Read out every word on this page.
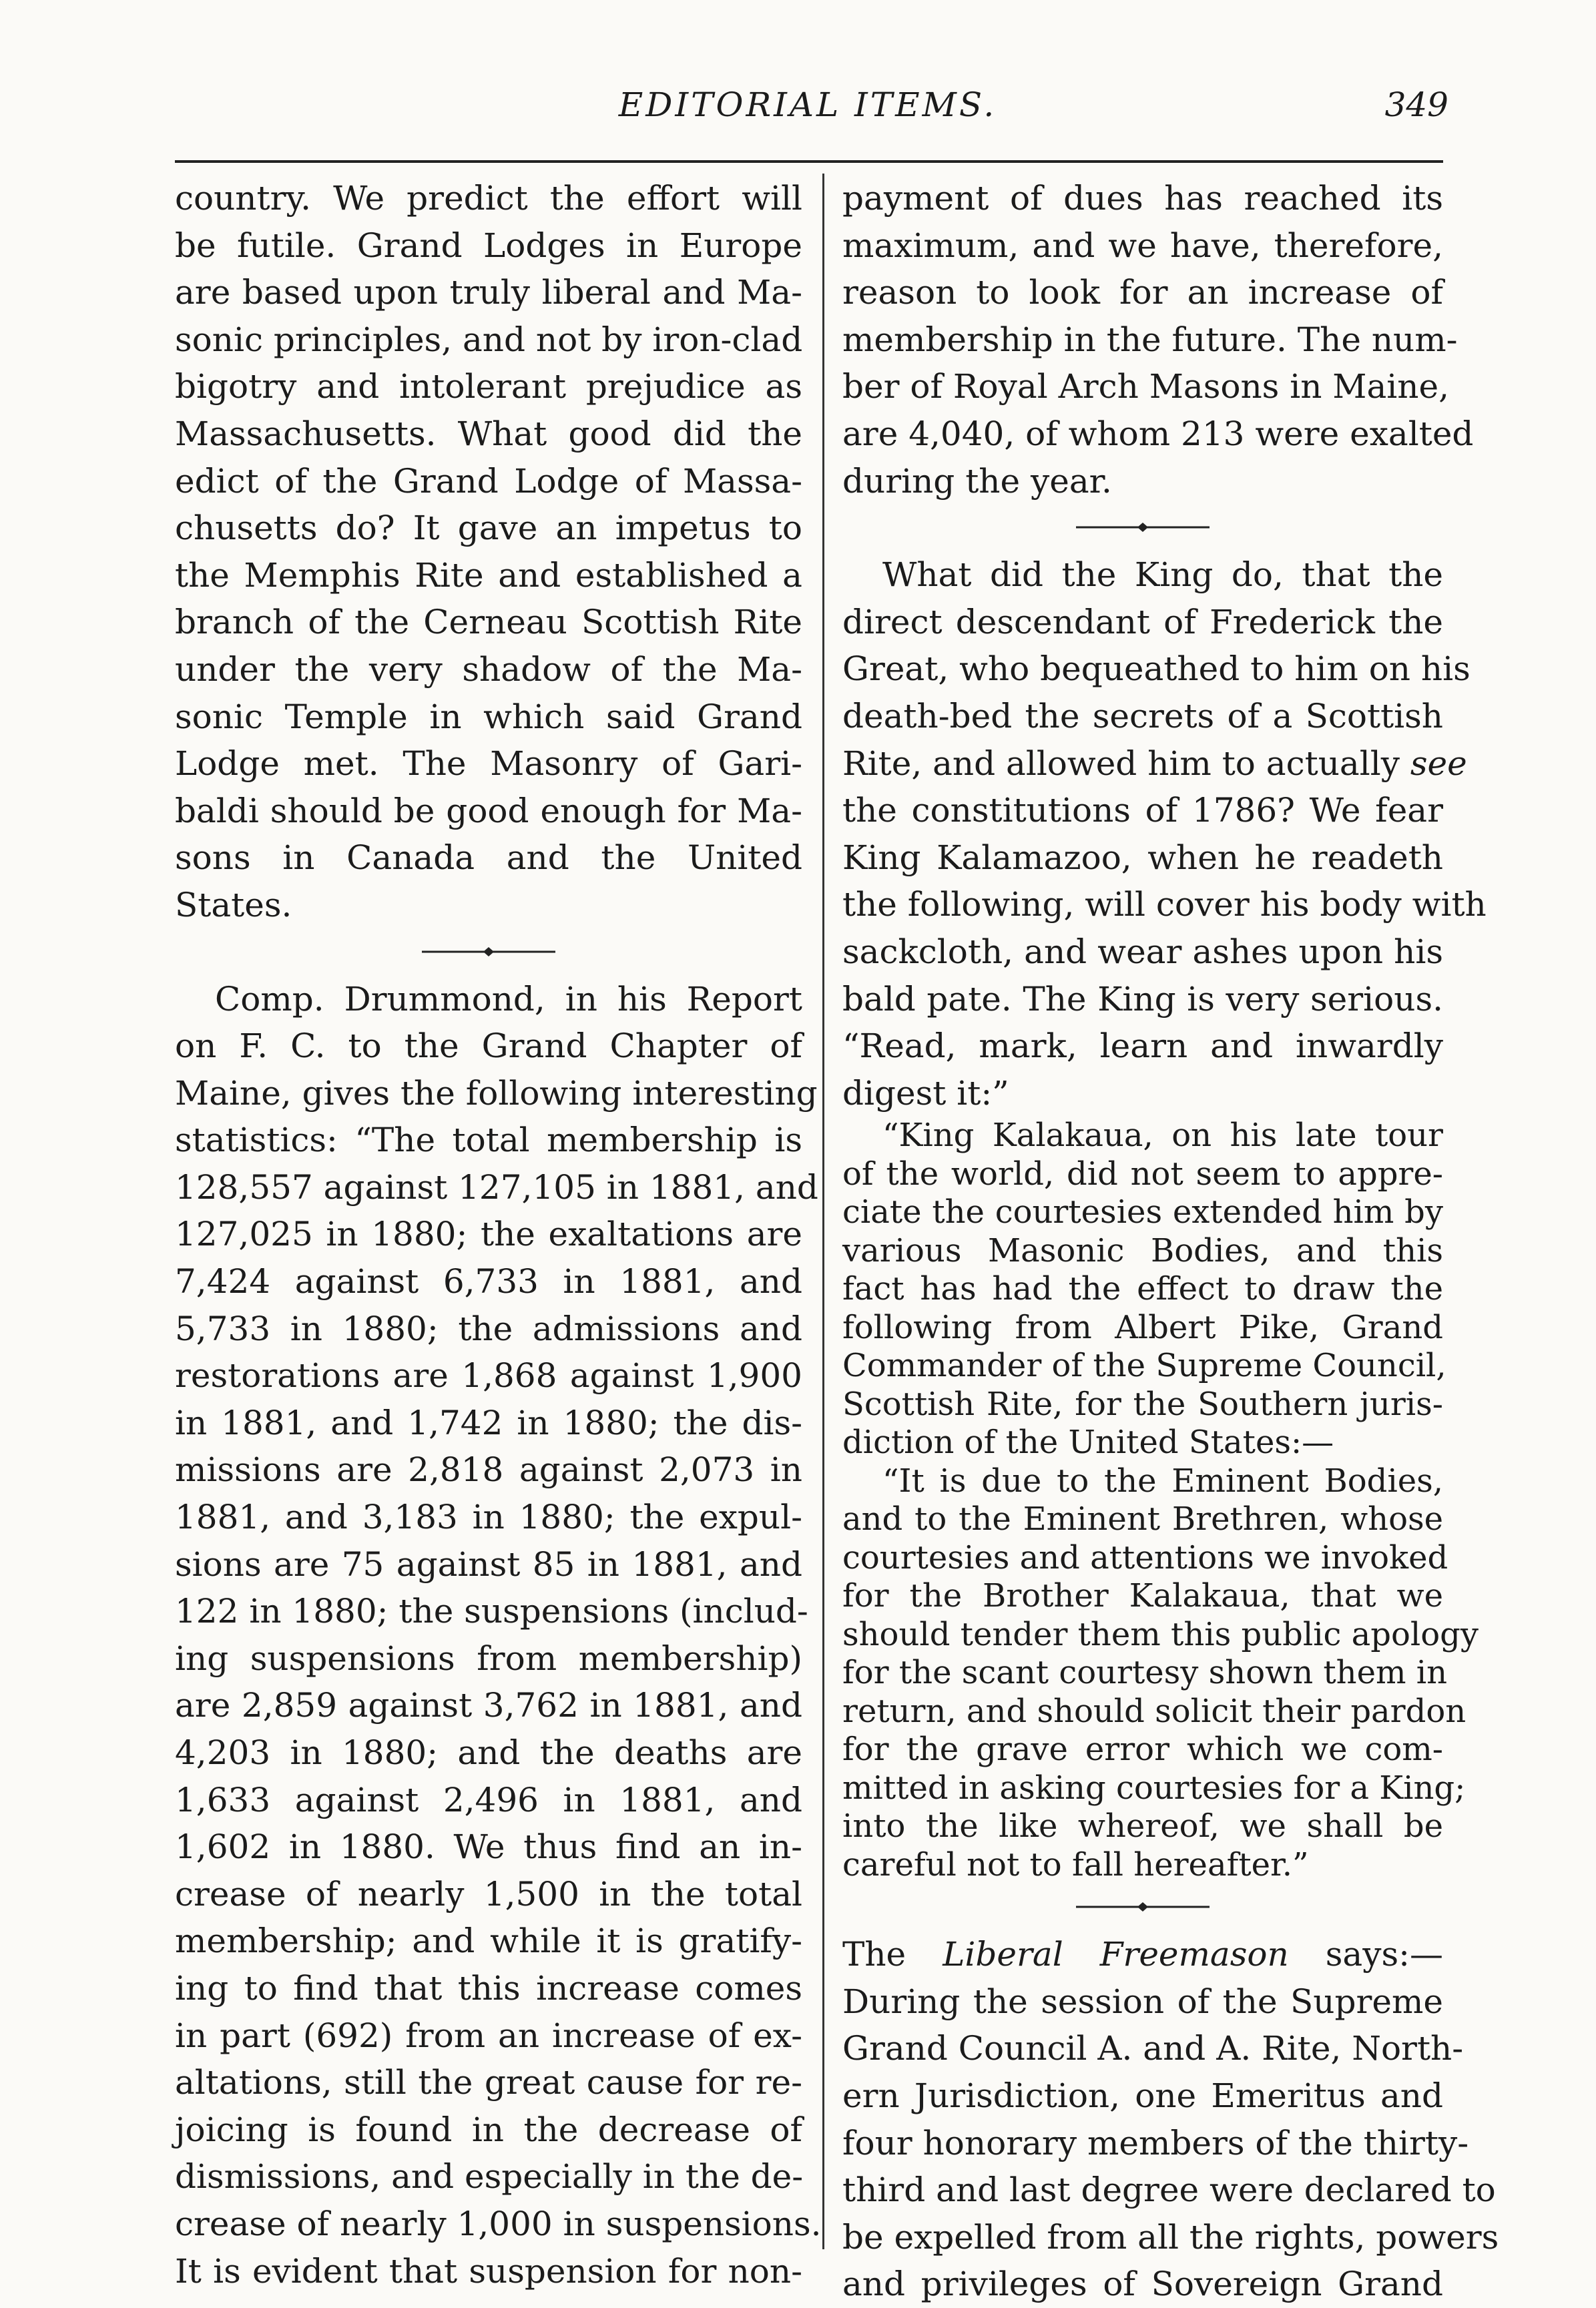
EDITORIAL ITEMS.	349
country. We predict the effort will
be futile. Grand Lodges in Europe
are based upon truly liberal and Ma-
sonic principles, and not by iron-clad
bigotry and intolerant prejudice as
Massachusetts. What good did the
edict of the Grand Lodge of Massa-
chusetts do? It gave an impetus to
the Memphis Rite and established a
branch of the Cerneau Scottish Rite
under the very shadow of the Ma-
sonic Temple in which said Grand
Lodge met. The Masonry of Gari-
baldi should be good enough for Ma-
sons in Canada and the United
States.
Comp. Drummond, in his Report
on F. C. to the Grand Chapter of
Maine, gives the following interesting
statistics: “The total membership is
128,557 against 127,105 in 1881, and
127,025 in 1880; the exaltations are
7,424 against 6,733 in 1881, and
5,733 in 1880; the admissions and
restorations are 1,868 against 1,900
in 1881, and 1,742 in 1880; the dis-
missions are 2,818 against 2,073 in
1881, and 3,183 in 1880; the expul-
sions are 75 against 85 in 1881, and
122 in 1880; the suspensions (includ-
ing suspensions from membership)
are 2,859 against 3,762 in 1881, and
4,203 in 1880; and the deaths are
1,633 against 2,496 in 1881, and
1,602 in 1880. We thus find an in-
crease of nearly 1,500 in the total
membership; and while it is gratify-
ing to find that this increase comes
in part (692) from an increase of ex-
altations, still the great cause for re-
joicing is found in the decrease of
dismissions, and especially in the de-
crease of nearly 1,000 in suspensions.
It is evident that suspension for non-
payment of dues has reached its
maximum, and we have, therefore,
reason to look for an increase of
membership in the future. The num-
ber of Royal Arch Masons in Maine,
are 4,040, of whom 213 were exalted
during the year.
What did the King do, that the
direct descendant of Frederick the
Great, who bequeathed to him on his
death-bed the secrets of a Scottish
Rite, and allowed him to actually see
the constitutions of 1786? We fear
King Kalamazoo, when he readeth
the following, will cover his body with
sackcloth, and wear ashes upon his
bald pate. The King is very serious.
“Read, mark, learn and inwardly
digest it:”
“King Kalakaua, on his late tour
of the world, did not seem to appre-
ciate the courtesies extended him by
various Masonic Bodies, and this
fact has had the effect to draw the
following from Albert Pike, Grand
Commander of the Supreme Council,
Scottish Rite, for the Southern juris-
diction of the United States:—
“It is due to the Eminent Bodies,
and to the Eminent Brethren, whose
courtesies and attentions we invoked
for the Brother Kalakaua, that we
should tender them this public apology
for the scant courtesy shown them in
return, and should solicit their pardon
for the grave error which we com-
mitted in asking courtesies for a King;
into the like whereof, we shall be
careful not to fall hereafter.”
The Liberal Freemason says:—
During the session of the Supreme
Grand Council A. and A. Rite, North-
ern Jurisdiction, one Emeritus and
four honorary members of the thirty-
third and last degree were declared to
be expelled from all the rights, powers
and privileges of Sovereign Grand
